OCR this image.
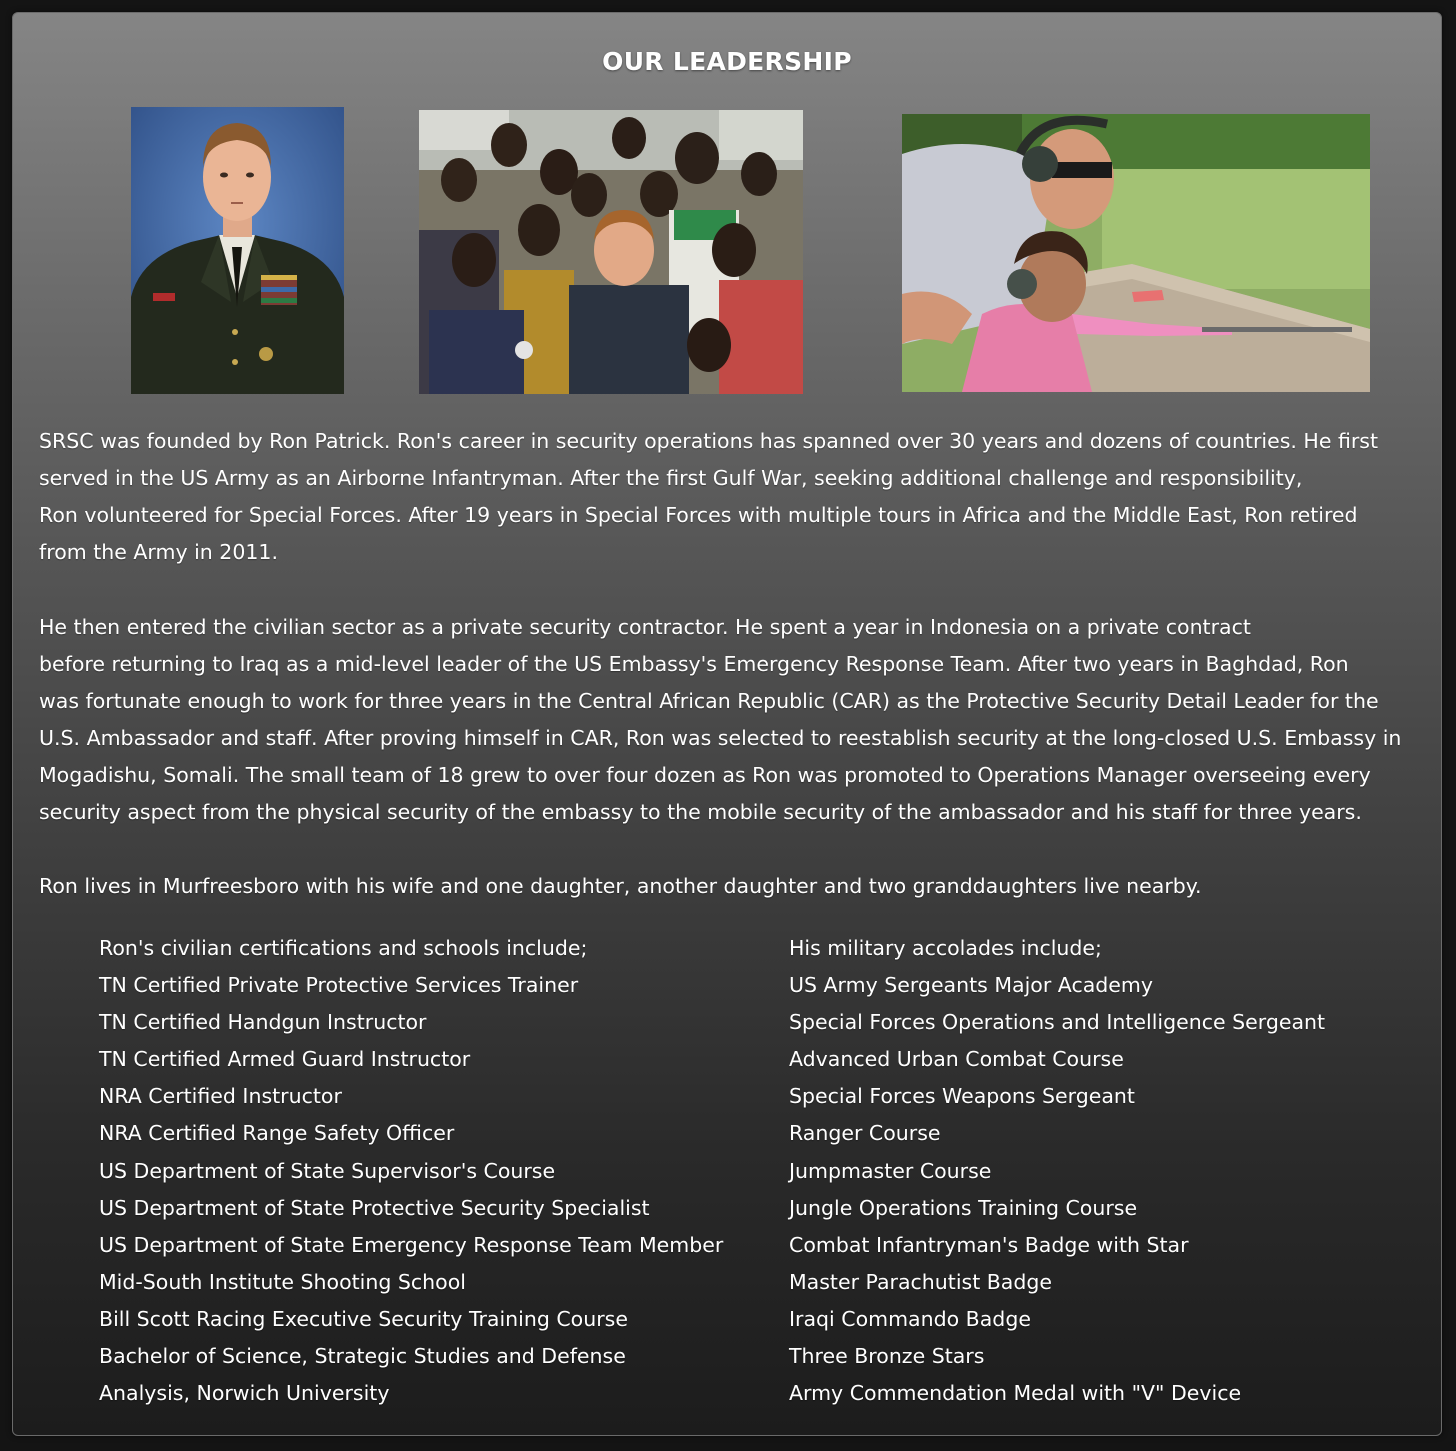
OUR LEADERSHIP

SRSC was founded by Ron Patrick. Ron's career in security operations has spanned over 30 years and dozens of countries. He first
served in the US Army as an Airborne Infantryman. After the first Gulf War, seeking additional challenge and responsibility,
Ron volunteered for Special Forces. After 19 years in Special Forces with multiple tours in Africa and the Middle East, Ron retired
from the Army in 2011.

He then entered the civilian sector as a private security contractor. He spent a year in Indonesia on a private contract
before returning to Iraq as a mid-level leader of the US Embassy's Emergency Response Team. After two years in Baghdad, Ron
was fortunate enough to work for three years in the Central African Republic (CAR) as the Protective Security Detail Leader for the
U.S. Ambassador and staff. After proving himself in CAR, Ron was selected to reestablish security at the long-closed U.S. Embassy in
Mogadishu, Somali. The small team of 18 grew to over four dozen as Ron was promoted to Operations Manager overseeing every
security aspect from the physical security of the embassy to the mobile security of the ambassador and his staff for three years.

Ron lives in Murfreesboro with his wife and one daughter, another daughter and two granddaughters live nearby.

Ron's civilian certifications and schools include;
TN Certified Private Protective Services Trainer
TN Certified Handgun Instructor
TN Certified Armed Guard Instructor
NRA Certified Instructor
NRA Certified Range Safety Officer
US Department of State Supervisor's Course
US Department of State Protective Security Specialist
US Department of State Emergency Response Team Member
Mid-South Institute Shooting School
Bill Scott Racing Executive Security Training Course
Bachelor of Science, Strategic Studies and Defense
Analysis, Norwich University
His military accolades include;
US Army Sergeants Major Academy
Special Forces Operations and Intelligence Sergeant
Advanced Urban Combat Course
Special Forces Weapons Sergeant
Ranger Course
Jumpmaster Course
Jungle Operations Training Course
Combat Infantryman's Badge with Star
Master Parachutist Badge
Iraqi Commando Badge
Three Bronze Stars
Army Commendation Medal with "V" Device
